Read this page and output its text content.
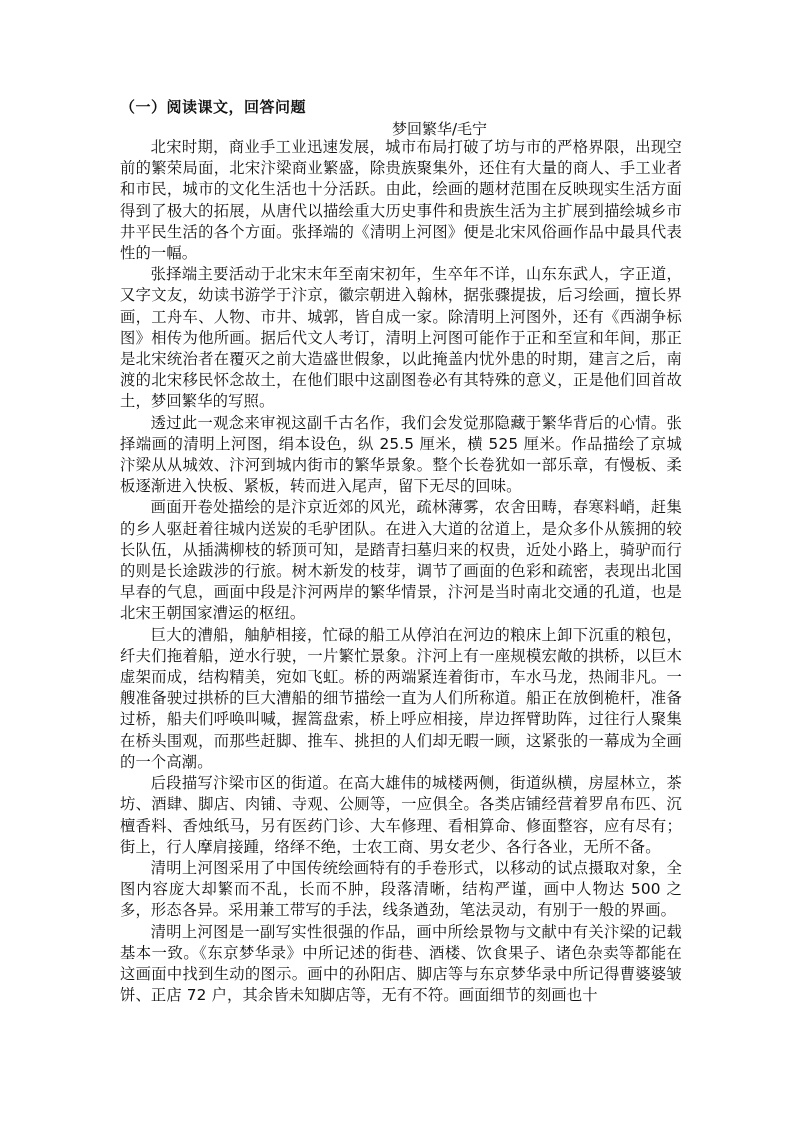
（一）阅读课文，回答问题
梦回繁华/毛宁

北宋时期，商业手工业迅速发展，城市布局打破了坊与市的严格界限，出现空前的繁荣局面，北宋汴梁商业繁盛，除贵族聚集外，还住有大量的商人、手工业者和市民，城市的文化生活也十分活跃。由此，绘画的题材范围在反映现实生活方面得到了极大的拓展，从唐代以描绘重大历史事件和贵族生活为主扩展到描绘城乡市井平民生活的各个方面。张择端的《清明上河图》便是北宋风俗画作品中最具代表性的一幅。

张择端主要活动于北宋末年至南宋初年，生卒年不详，山东东武人，字正道，又字文友，幼读书游学于汴京，徽宗朝进入翰林，据张骤提拔，后习绘画，擅长界画，工舟车、人物、市井、城郭，皆自成一家。除清明上河图外，还有《西湖争标图》相传为他所画。据后代文人考订，清明上河图可能作于正和至宣和年间，那正是北宋统治者在覆灭之前大造盛世假象，以此掩盖内忧外患的时期，建言之后，南渡的北宋移民怀念故土，在他们眼中这副图卷必有其特殊的意义，正是他们回首故土，梦回繁华的写照。

透过此一观念来审视这副千古名作，我们会发觉那隐藏于繁华背后的心情。张择端画的清明上河图，绢本设色，纵 25.5 厘米，横 525 厘米。作品描绘了京城汴梁从从城效、汴河到城内街市的繁华景象。整个长卷犹如一部乐章，有慢板、柔板逐渐进入快板、紧板，转而进入尾声，留下无尽的回味。

画面开卷处描绘的是汴京近郊的风光，疏林薄雾，农舍田畴，春寒料峭，赶集的乡人驱赶着往城内送炭的毛驴团队。在进入大道的岔道上，是众多仆从簇拥的较长队伍，从插满柳枝的轿顶可知，是踏青扫墓归来的权贵，近处小路上，骑驴而行的则是长途跋涉的行旅。树木新发的枝芽，调节了画面的色彩和疏密，表现出北国早春的气息，画面中段是汴河两岸的繁华情景，汴河是当时南北交通的孔道，也是北宋王朝国家漕运的枢纽。

巨大的漕船，舳舻相接，忙碌的船工从停泊在河边的粮床上卸下沉重的粮包，纤夫们拖着船，逆水行驶，一片繁忙景象。汴河上有一座规模宏敞的拱桥，以巨木虚架而成，结构精美，宛如飞虹。桥的两端紧连着街市，车水马龙，热闹非凡。一艘准备驶过拱桥的巨大漕船的细节描绘一直为人们所称道。船正在放倒桅杆，准备过桥，船夫们呼唤叫喊，握篙盘索，桥上呼应相接，岸边挥臂助阵，过往行人聚集在桥头围观，而那些赶脚、推车、挑担的人们却无暇一顾，这紧张的一幕成为全画的一个高潮。

后段描写汴梁市区的街道。在高大雄伟的城楼两侧，街道纵横，房屋林立，茶坊、酒肆、脚店、肉铺、寺观、公厕等，一应俱全。各类店铺经营着罗帛布匹、沉檀香料、香烛纸马，另有医药门诊、大车修理、看相算命、修面整容，应有尽有；街上，行人摩肩接踵，络绎不绝，士农工商、男女老少、各行各业，无所不备。

清明上河图采用了中国传统绘画特有的手卷形式，以移动的试点摄取对象，全图内容庞大却繁而不乱，长而不肿，段落清晰，结构严谨，画中人物达 500 之多，形态各异。采用兼工带写的手法，线条遒劲，笔法灵动，有别于一般的界画。

清明上河图是一副写实性很强的作品，画中所绘景物与文献中有关汴梁的记载基本一致。《东京梦华录》中所记述的街巷、酒楼、饮食果子、诸色杂卖等都能在这画面中找到生动的图示。画中的孙阳店、脚店等与东京梦华录中所记得曹婆婆皱饼、正店 72 户，其余皆未知脚店等，无有不符。画面细节的刻画也十
